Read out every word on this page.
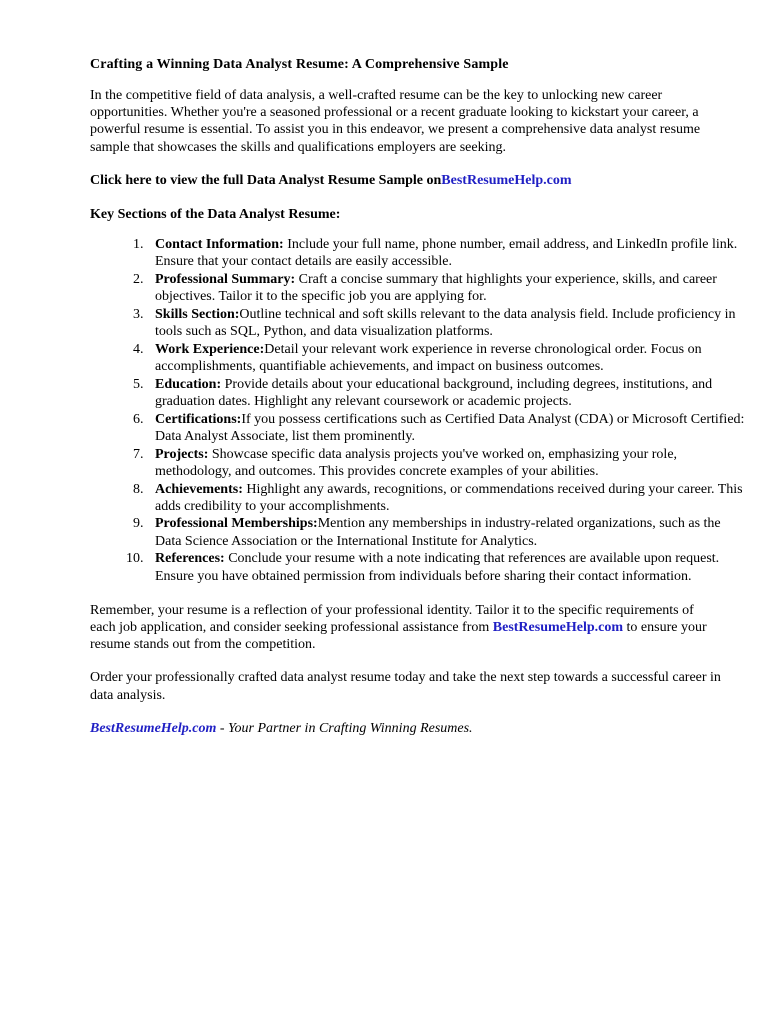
Crafting a Winning Data Analyst Resume: A Comprehensive Sample

In the competitive field of data analysis, a well-crafted resume can be the key to unlocking new career opportunities. Whether you're a seasoned professional or a recent graduate looking to kickstart your career, a powerful resume is essential. To assist you in this endeavor, we present a comprehensive data analyst resume sample that showcases the skills and qualifications employers are seeking.

Click here to view the full Data Analyst Resume Sample onBestResumeHelp.com

Key Sections of the Data Analyst Resume:

1. Contact Information: Include your full name, phone number, email address, and LinkedIn profile link. Ensure that your contact details are easily accessible.
2. Professional Summary: Craft a concise summary that highlights your experience, skills, and career objectives. Tailor it to the specific job you are applying for.
3. Skills Section:Outline technical and soft skills relevant to the data analysis field. Include proficiency in tools such as SQL, Python, and data visualization platforms.
4. Work Experience:Detail your relevant work experience in reverse chronological order. Focus on accomplishments, quantifiable achievements, and impact on business outcomes.
5. Education: Provide details about your educational background, including degrees, institutions, and graduation dates. Highlight any relevant coursework or academic projects.
6. Certifications:If you possess certifications such as Certified Data Analyst (CDA) or Microsoft Certified: Data Analyst Associate, list them prominently.
7. Projects: Showcase specific data analysis projects you've worked on, emphasizing your role, methodology, and outcomes. This provides concrete examples of your abilities.
8. Achievements: Highlight any awards, recognitions, or commendations received during your career. This adds credibility to your accomplishments.
9. Professional Memberships:Mention any memberships in industry-related organizations, such as the Data Science Association or the International Institute for Analytics.
10. References: Conclude your resume with a note indicating that references are available upon request. Ensure you have obtained permission from individuals before sharing their contact information.

Remember, your resume is a reflection of your professional identity. Tailor it to the specific requirements of each job application, and consider seeking professional assistance from BestResumeHelp.com to ensure your resume stands out from the competition.

Order your professionally crafted data analyst resume today and take the next step towards a successful career in data analysis.

BestResumeHelp.com - Your Partner in Crafting Winning Resumes.
